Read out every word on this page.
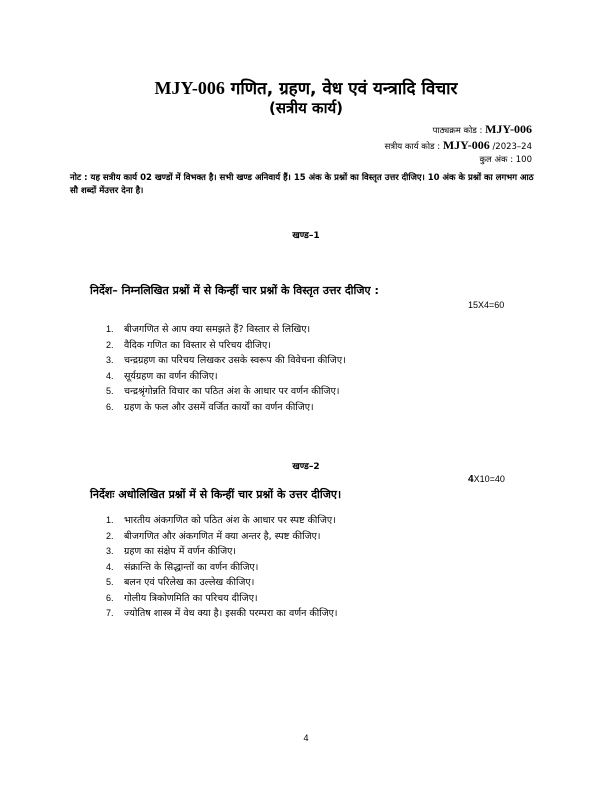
MJY-006 गणित, ग्रहण, वेध एवं यन्त्रादि विचार
(सत्रीय कार्य)
पाठ्यक्रम कोड : MJY-006
सत्रीय कार्य कोड : MJY-006 /2023–24
कुल अंक : 100
नोट : यह सत्रीय कार्य 02 खण्डों में विभक्त है। सभी खण्ड अनिवार्य हैं। 15 अंक के प्रश्नों का विस्तृत उत्तर दीजिए। 10 अंक के प्रश्नों का लगभग आठ सौ शब्दों मेंउत्तर देना है।
खण्ड–1
निर्देश– निम्नलिखित प्रश्नों में से किन्हीं चार प्रश्नों के विस्तृत उत्तर दीजिए :
15X4=60
1. बीजगणित से आप क्या समझते हैं? विस्तार से लिखिए।
2. वैदिक गणित का विस्तार से परिचय दीजिए।
3. चन्द्रग्रहण का परिचय लिखकर उसके स्वरूप की विवेचना कीजिए।
4. सूर्यग्रहण का वर्णन कीजिए।
5. चन्द्रश्रृंगोन्नति विचार का पठित अंश के आधार पर वर्णन कीजिए।
6. ग्रहण के फल और उसमें वर्जित कार्यों का वर्णन कीजिए।
खण्ड–2
4X10=40
निर्देशः अधोलिखित प्रश्नों में से किन्हीं चार प्रश्नों के उत्तर दीजिए।
1. भारतीय अंकगणित को पठित अंश के आधार पर स्पष्ट कीजिए।
2. बीजगणित और अंकगणित में क्या अन्तर है, स्पष्ट कीजिए।
3. ग्रहण का संक्षेप में वर्णन कीजिए।
4. संक्रान्ति के सिद्धान्तों का वर्णन कीजिए।
5. बलन एवं परिलेख का उल्लेख कीजिए।
6. गोलीय त्रिकोणमिति का परिचय दीजिए।
7. ज्योतिष शास्त्र में वेध क्या है। इसकी परम्परा का वर्णन कीजिए।
4
